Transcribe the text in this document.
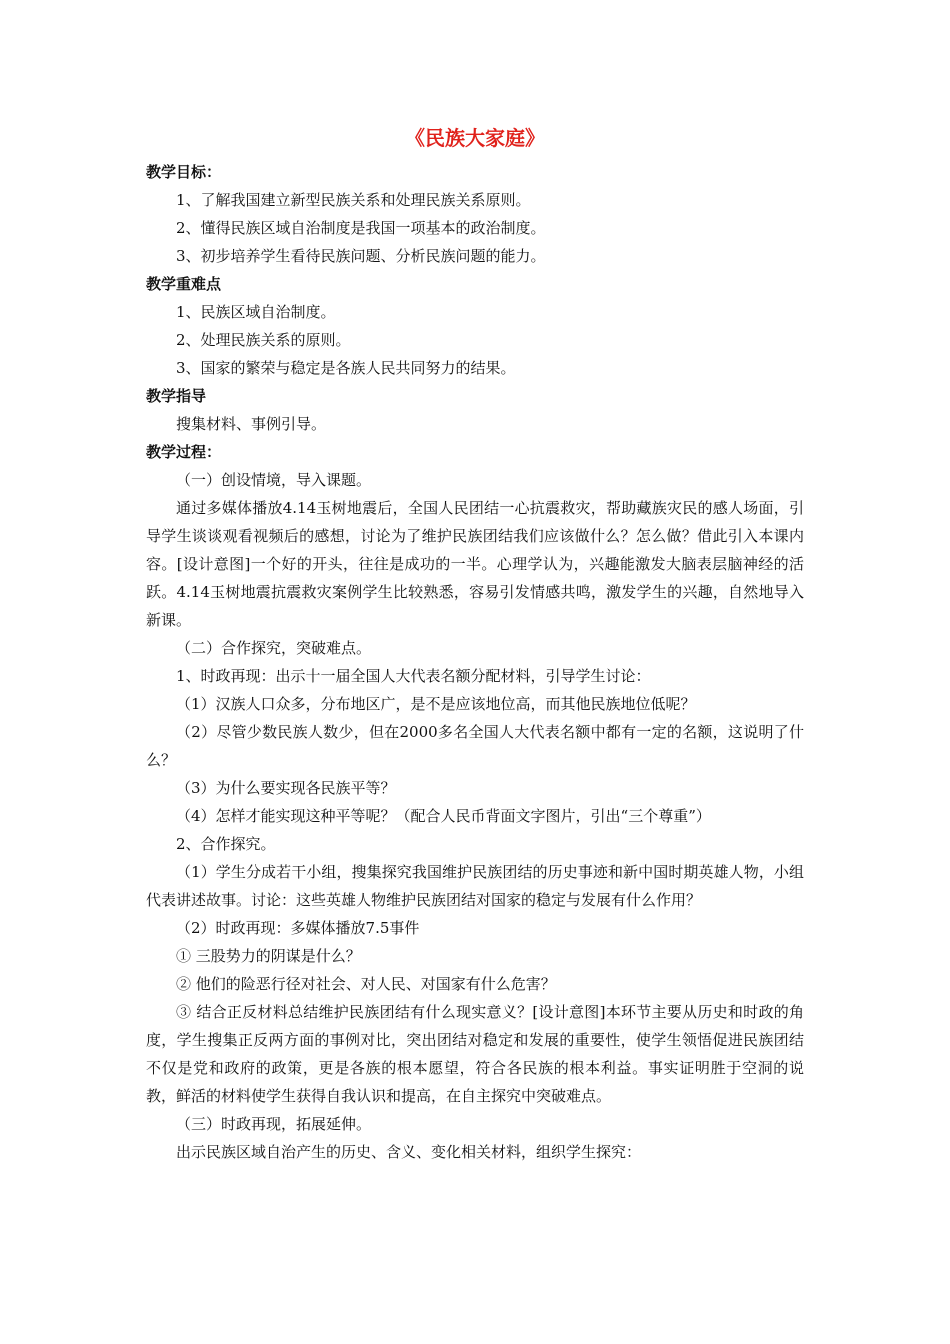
《民族大家庭》
教学目标：

1、了解我国建立新型民族关系和处理民族关系原则。

2、懂得民族区域自治制度是我国一项基本的政治制度。

3、初步培养学生看待民族问题、分析民族问题的能力。

教学重难点

1、民族区域自治制度。

2、处理民族关系的原则。

3、国家的繁荣与稳定是各族人民共同努力的结果。

教学指导

搜集材料、事例引导。

教学过程：

（一）创设情境，导入课题。

通过多媒体播放4.14玉树地震后，全国人民团结一心抗震救灾，帮助藏族灾民的感人场面，引导学生谈谈观看视频后的感想，讨论为了维护民族团结我们应该做什么？怎么做？借此引入本课内容。[设计意图]一个好的开头，往往是成功的一半。心理学认为，兴趣能激发大脑表层脑神经的活跃。4.14玉树地震抗震救灾案例学生比较熟悉，容易引发情感共鸣，激发学生的兴趣，自然地导入新课。

（二）合作探究，突破难点。

1、时政再现：出示十一届全国人大代表名额分配材料，引导学生讨论：

（1）汉族人口众多，分布地区广，是不是应该地位高，而其他民族地位低呢？

（2）尽管少数民族人数少，但在2000多名全国人大代表名额中都有一定的名额，这说明了什么？

（3）为什么要实现各民族平等？

（4）怎样才能实现这种平等呢？（配合人民币背面文字图片，引出“三个尊重”）

2、合作探究。

（1）学生分成若干小组，搜集探究我国维护民族团结的历史事迹和新中国时期英雄人物，小组代表讲述故事。讨论：这些英雄人物维护民族团结对国家的稳定与发展有什么作用？

（2）时政再现：多媒体播放7.5事件

① 三股势力的阴谋是什么？

② 他们的险恶行径对社会、对人民、对国家有什么危害？

③ 结合正反材料总结维护民族团结有什么现实意义？[设计意图]本环节主要从历史和时政的角度，学生搜集正反两方面的事例对比，突出团结对稳定和发展的重要性，使学生领悟促进民族团结不仅是党和政府的政策，更是各族的根本愿望，符合各民族的根本利益。事实证明胜于空洞的说教，鲜活的材料使学生获得自我认识和提高，在自主探究中突破难点。

（三）时政再现，拓展延伸。

出示民族区域自治产生的历史、含义、变化相关材料，组织学生探究：
